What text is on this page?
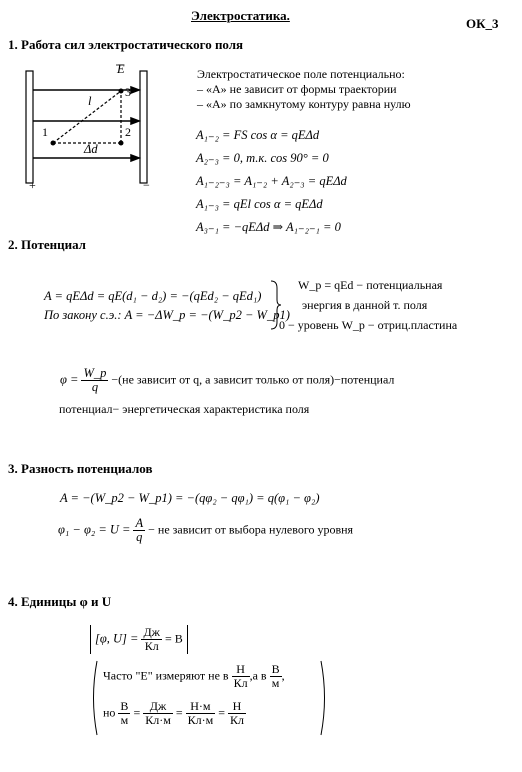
Электростатика.
ОК_3
1. Работа сил электростатического поля
E
l
1	2
3
Δd
+	−
Электростатическое поле потенциально:
– «А» не зависит от формы траектории
– «А» по замкнутому контуру равна нулю
A₁₋₂ = FS cos α = qEΔd
A₂₋₃ = 0, т.к. cos 90° = 0
A₁₋₂₋₃ = A₁₋₂ + A₂₋₃ = qEΔd
A₁₋₃ = qEl cos α = qEΔd
A₃₋₁ = −qEΔd ⇒ A₁₋₂₋₁ = 0
2. Потенциал
A = qEΔd = qE(d₁ − d₂) = −(qEd₂ − qEd₁)
По закону с.э.: A = −ΔW_p = −(W_p2 − W_p1)
W_p = qEd − потенциальная
энергия в данной т. поля
0 − уровень W_p − отриц.пластина
$\varphi = \frac{W\_p}{q} -(не$ зависит от q, а зависит только от поля)−потенциал
потенциал− энергетическая характеристика поля
3. Разность потенциалов
A = −(W_p2 − W_p1) = −(qφ₂ − qφ₁) = q(φ₁ − φ₂)
$\varphi_1 - \varphi_2 = U = \frac{A}{q}$ − не зависит от выбора нулевого уровня
4. Единицы φ и U
[φ, $U] = \frac{Дж}{Кл} = В$
Часто "E" измеряют не в $\frac{Н}{Кл} ,а$ в $\frac{В}{м}$ ,
но $\frac{В}{м} = \frac{Дж}{Кл\cdot м} = \frac{Н\cdot м}{Кл\cdot м} = \frac{Н}{Кл}$
